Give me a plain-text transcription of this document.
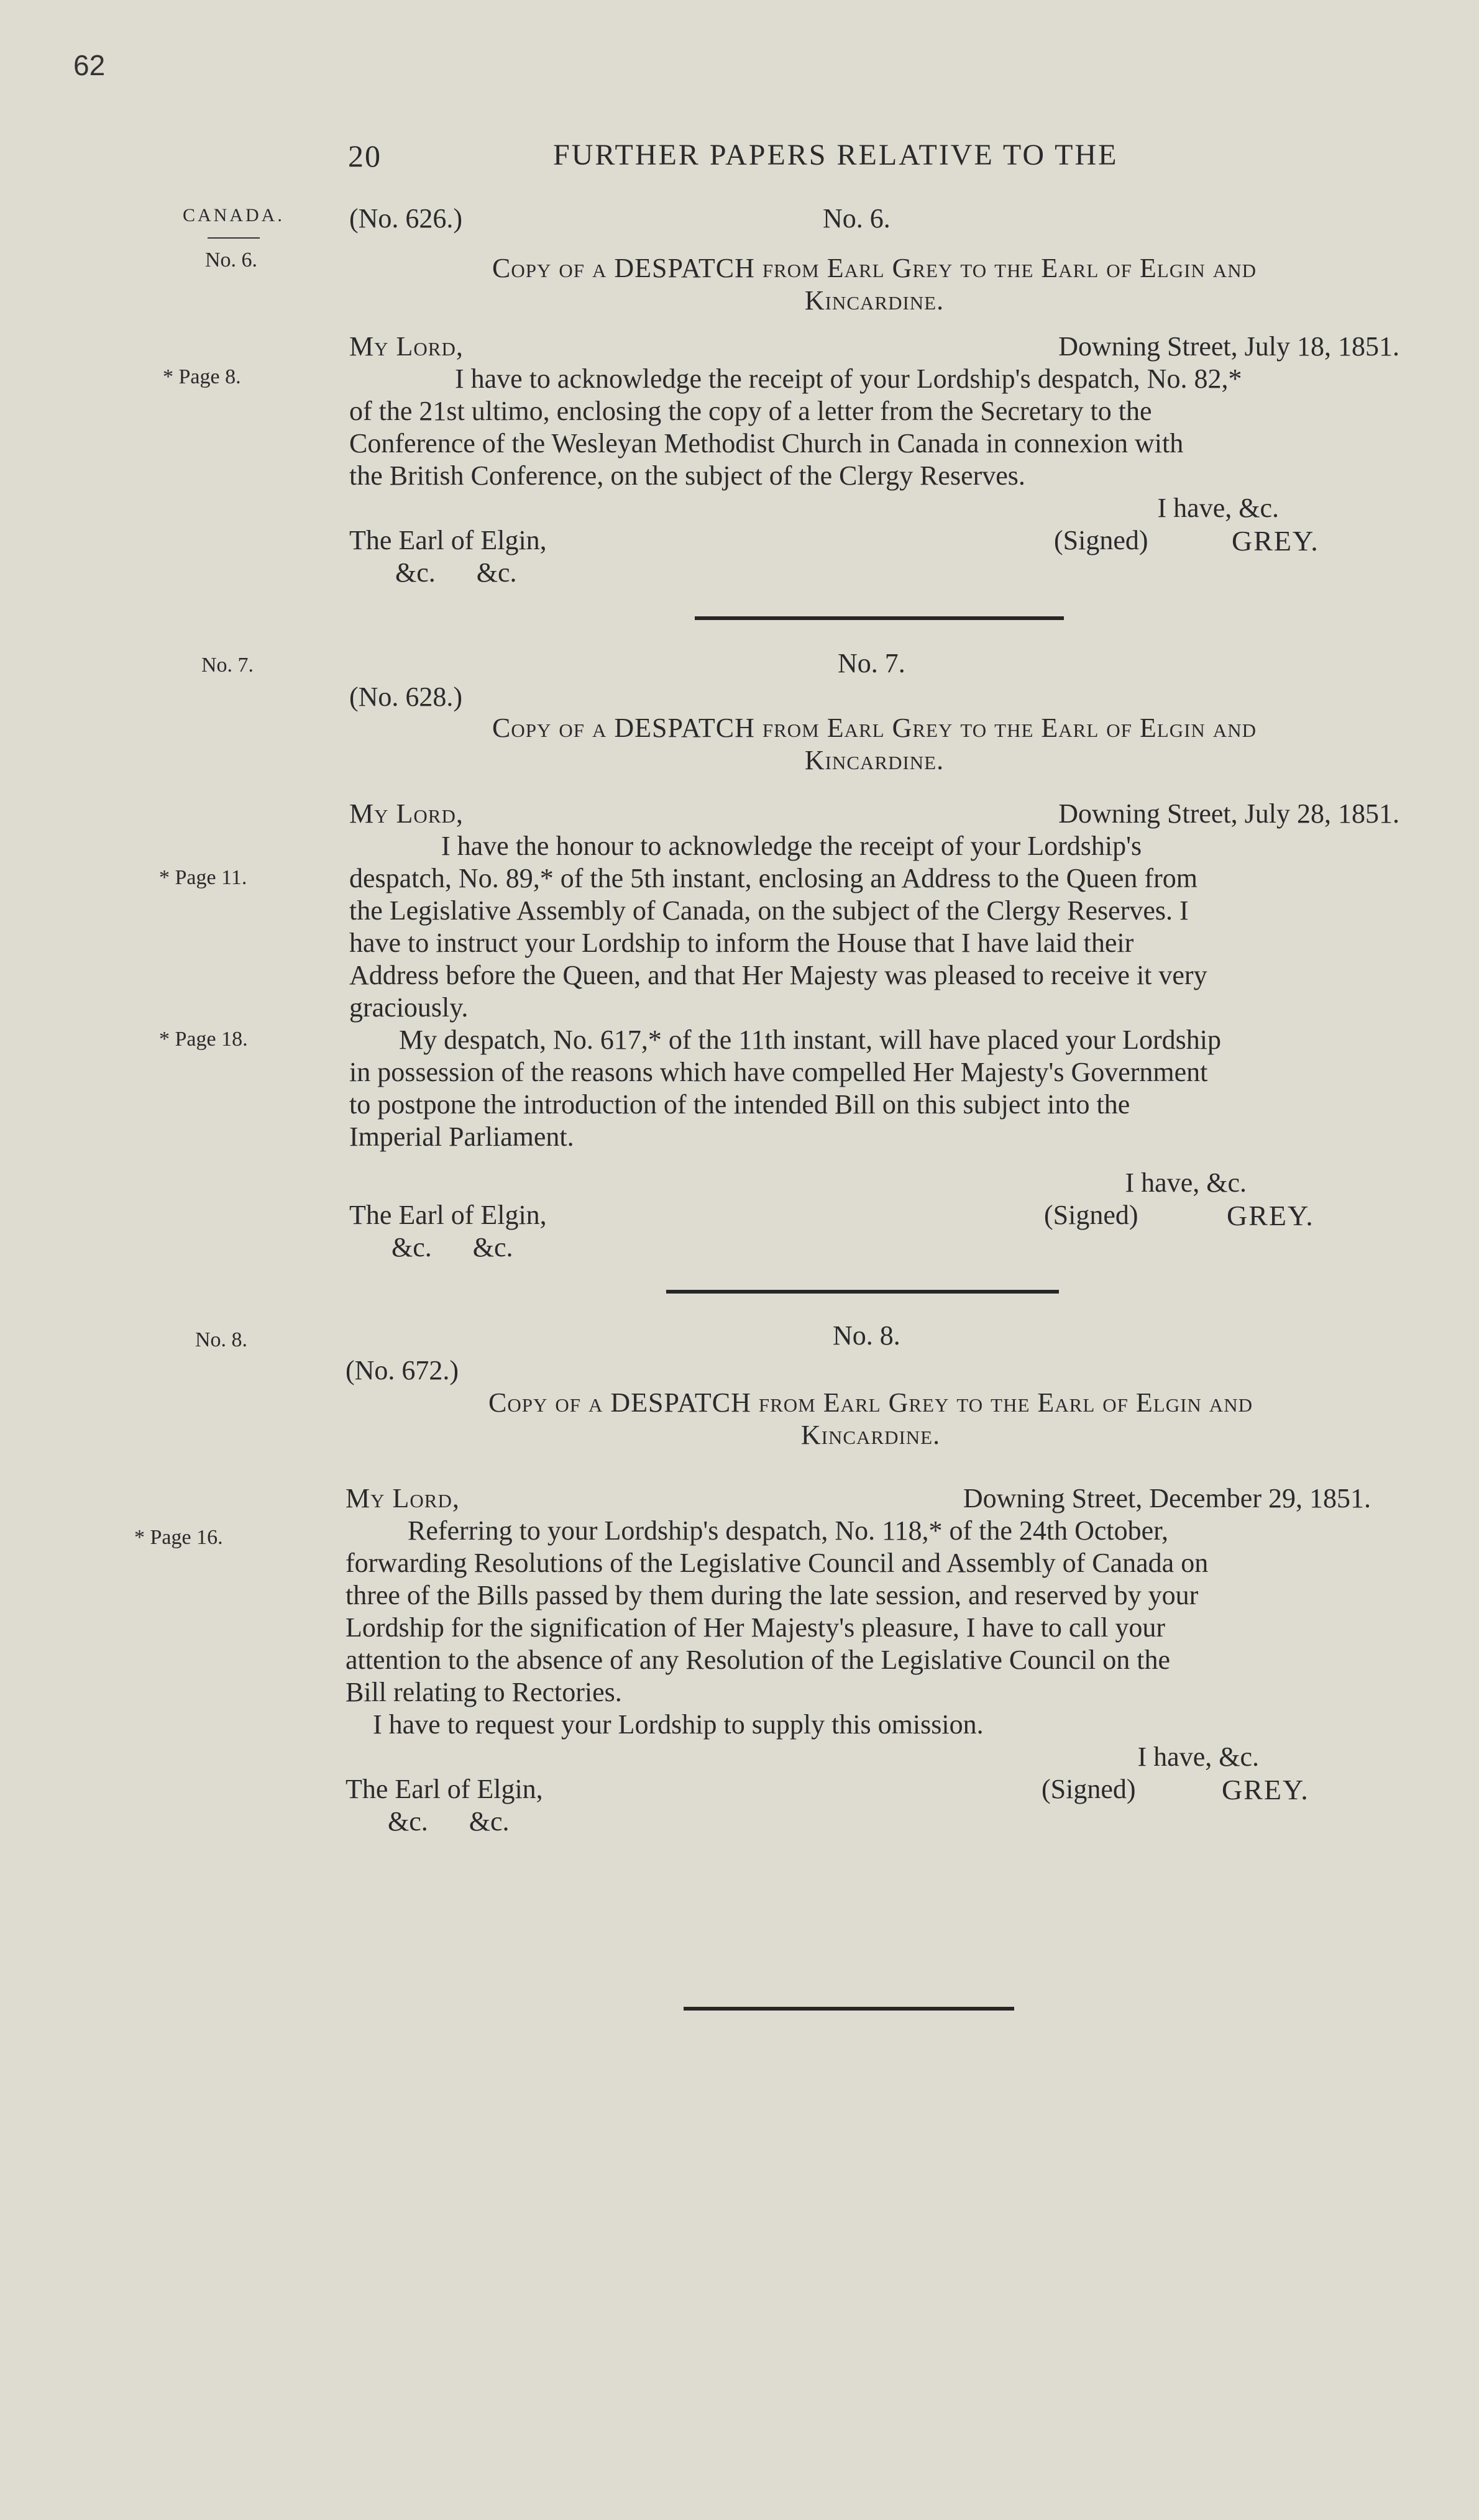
62
20	FURTHER PAPERS RELATIVE TO THE
CANADA.
No. 6.
* Page 8.
No. 7.
* Page 11.
* Page 18.
No. 8.
* Page 16.
(No. 626.)	No. 6.
Copy of a DESPATCH from Earl Grey to the Earl of Elgin and
Kincardine.
My Lord,	Downing Street, July 18, 1851.
I have to acknowledge the receipt of your Lordship's despatch, No. 82,*
of the 21st ultimo, enclosing the copy of a letter from the Secretary to the
Conference of the Wesleyan Methodist Church in Canada in connexion with
the British Conference, on the subject of the Clergy Reserves.
I have, &c.
The Earl of Elgin,	(Signed)	GREY.
&c.      &c.
No. 7.
(No. 628.)
Copy of a DESPATCH from Earl Grey to the Earl of Elgin and
Kincardine.
My Lord,	Downing Street, July 28, 1851.
I have the honour to acknowledge the receipt of your Lordship's
despatch, No. 89,* of the 5th instant, enclosing an Address to the Queen from
the Legislative Assembly of Canada, on the subject of the Clergy Reserves. I
have to instruct your Lordship to inform the House that I have laid their
Address before the Queen, and that Her Majesty was pleased to receive it very
graciously.
My despatch, No. 617,* of the 11th instant, will have placed your Lordship
in possession of the reasons which have compelled Her Majesty's Government
to postpone the introduction of the intended Bill on this subject into the
Imperial Parliament.
I have, &c.
The Earl of Elgin,	(Signed)	GREY.
&c.      &c.
No. 8.
(No. 672.)
Copy of a DESPATCH from Earl Grey to the Earl of Elgin and
Kincardine.
My Lord,	Downing Street, December 29, 1851.
Referring to your Lordship's despatch, No. 118,* of the 24th October,
forwarding Resolutions of the Legislative Council and Assembly of Canada on
three of the Bills passed by them during the late session, and reserved by your
Lordship for the signification of Her Majesty's pleasure, I have to call your
attention to the absence of any Resolution of the Legislative Council on the
Bill relating to Rectories.
I have to request your Lordship to supply this omission.
I have, &c.
The Earl of Elgin,	(Signed)	GREY.
&c.      &c.
